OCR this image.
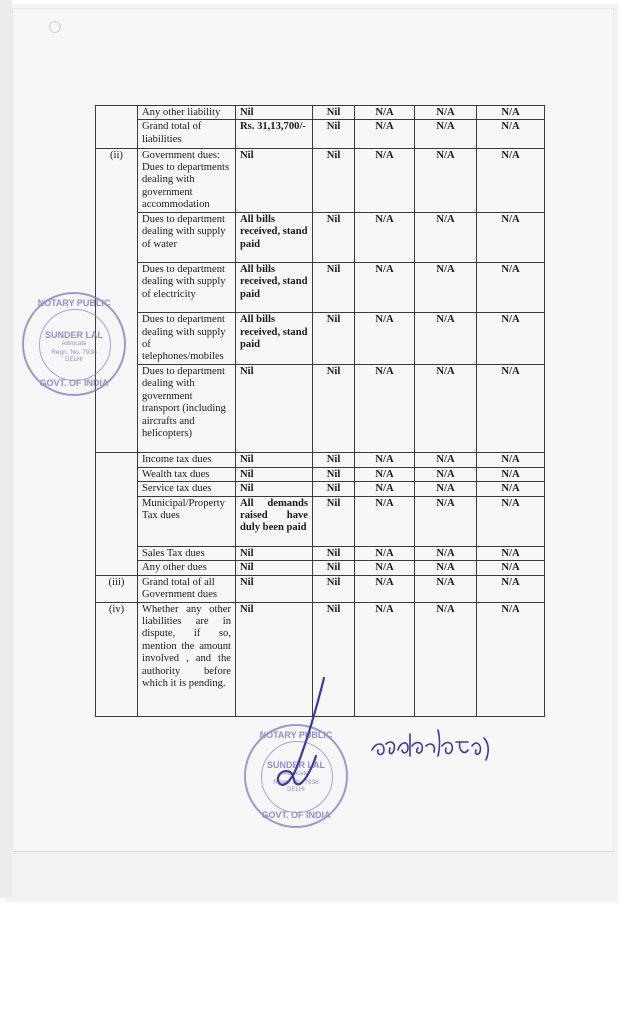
	Any other liability	Nil	Nil	N/A	N/A	N/A
	Grand total of liabilities	Rs. 31,13,700/-	Nil	N/A	N/A	N/A
(ii)	Government dues: Dues to departments dealing with government accommodation	Nil	Nil	N/A	N/A	N/A
	Dues to department dealing with supply of water	All bills received, stand paid	Nil	N/A	N/A	N/A
	Dues to department dealing with supply of electricity	All bills received, stand paid	Nil	N/A	N/A	N/A
	Dues to department dealing with supply of telephones/mobiles	All bills received, stand paid	Nil	N/A	N/A	N/A
	Dues to department dealing with government transport (including aircrafts and helicopters)	Nil	Nil	N/A	N/A	N/A
	Income tax dues	Nil	Nil	N/A	N/A	N/A
	Wealth tax dues	Nil	Nil	N/A	N/A	N/A
	Service tax dues	Nil	Nil	N/A	N/A	N/A
	Municipal/Property Tax dues	All demands raised have duly been paid	Nil	N/A	N/A	N/A
	Sales Tax dues	Nil	Nil	N/A	N/A	N/A
	Any other dues	Nil	Nil	N/A	N/A	N/A
(iii)	Grand total of all Government dues	Nil	Nil	N/A	N/A	N/A
(iv)	Whether any other liabilities are in dispute, if so, mention the amount involved , and the authority before which it is pending.	Nil	Nil	N/A	N/A	N/A
NOTARY PUBLIC
SUNDER LAL
Advocate
Regn. No. 7938
DELHI
GOVT. OF INDIA
NOTARY PUBLIC
SUNDER LAL
Advocate
Regn. No. 7938
DELHI
GOVT. OF INDIA
